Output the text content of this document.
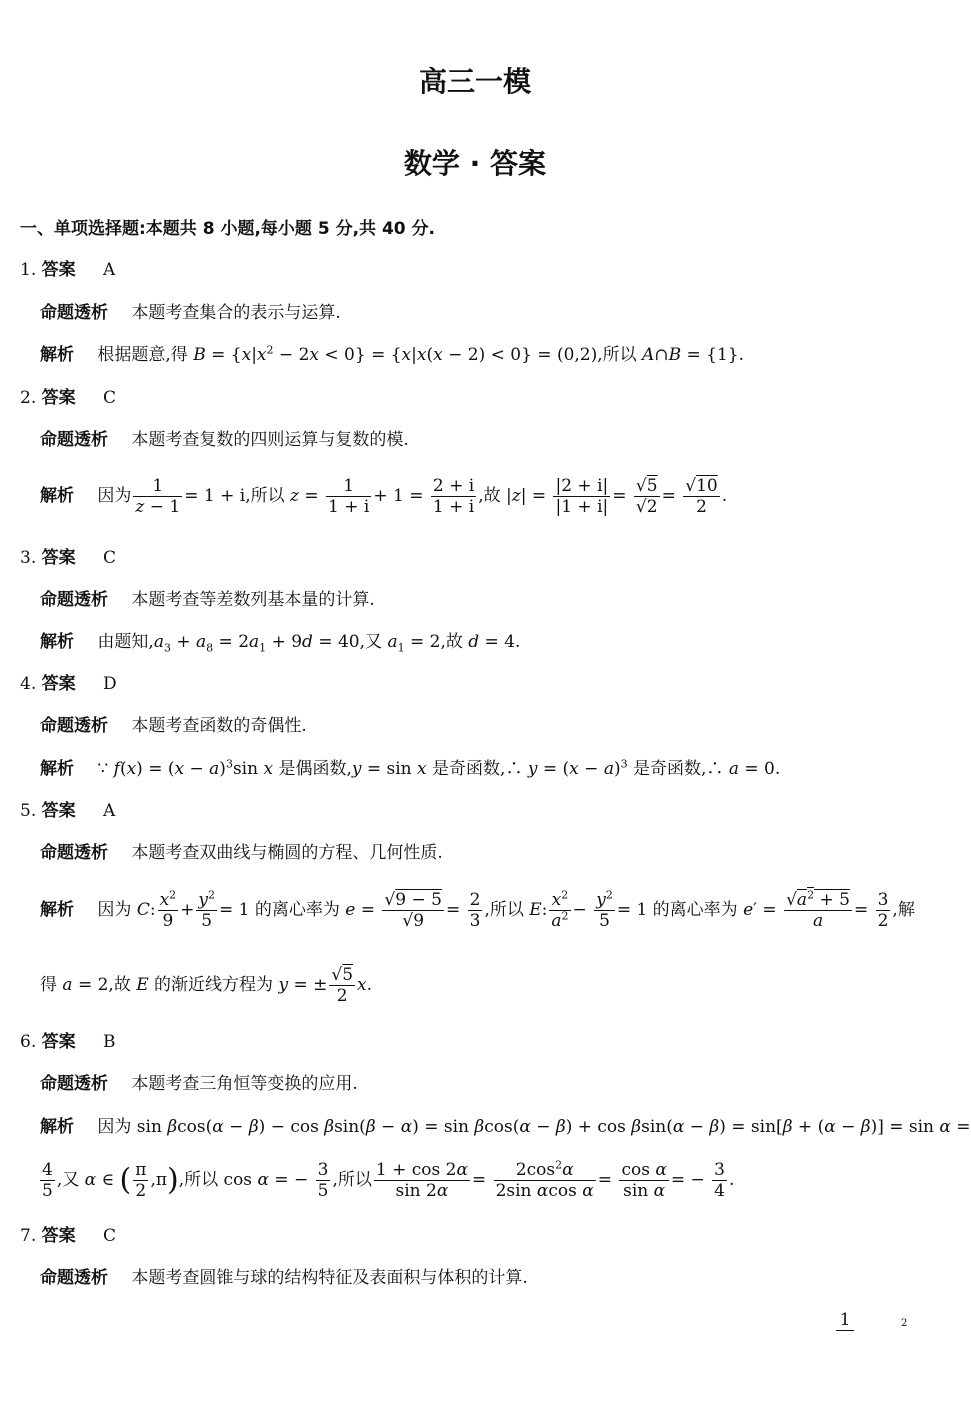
高三一模
数学 · 答案
一、单项选择题:本题共 8 小题,每小题 5 分,共 40 分.
1. 答案 A
命题透析 本题考查集合的表示与运算.
解析 根据题意,得 $B = \{x|x^2 - 2x < 0\} = \{x|x(x - 2) < 0\} = (0,2)$,所以 A∩B = {1}.
2. 答案 C
命题透析 本题考查复数的四则运算与复数的模.
解析 因为 $\frac{1}{z - 1} = 1 + i$,所以 $z = \frac{1}{1 + i} + 1 = \frac{2 + i}{1 + i}$ ,故 $|z| = \frac{|2 + i|}{|1 + i|} = \frac{√5}{√2} = \frac{√10}{2}$ .
3. 答案 C
命题透析 本题考查等差数列基本量的计算.
解析 由题知$,a_3 + a_8 = 2a_1 + 9d = 40$,又 $a_1 = 2$,故 d = 4.
4. 答案 D
命题透析 本题考查函数的奇偶性.
解析 ∵ $f(x) = (x - a)^3\sin$ x 是偶函数,y = sin x 是奇函数,∴ $y = (x - a)^3$ 是奇函数,∴ a = 0.
5. 答案 A
命题透析 本题考查双曲线与椭圆的方程、几何性质.
解析 因为 C: $\frac{x^2}{9} + \frac{y^2}{5} = 1$ 的离心率为 $e = \frac{√9 - 5}{√9} = \frac{2}{3}$ ,所以 E: $\frac{x^2}{a^2} - \frac{y^2}{5} = 1$ 的离心率为 $e' = \frac{√a^2 + 5}{a} = \frac{3}{2}$ ,解
得 a = 2,故 E 的渐近线方程为 y = ± $\frac{√5}{2} x$.
6. 答案 B
命题透析 本题考查三角恒等变换的应用.
解析 因为 sin βcos(α − β) − cos βsin(β − α) = sin βcos(α − β) + cos βsin(α − β) = sin[β + (α − β)] = sin α =
$\frac{4}{5}$ ,又 α ∈ ( $\frac{\pi}{2} ,\pi$),所以 cos α = − $\frac{3}{5}$ ,所以 $\frac{1 + \cos 2\alpha}{\sin 2\alpha} = \frac{2\cos^2\alpha}{\text{2sin αcos α}} = \frac{\text{cos α}}{\text{sin α}}$ = − $\frac{3}{4}$ .
7. 答案 C
命题透析 本题考查圆锥与球的结构特征及表面积与体积的计算.
1	2
